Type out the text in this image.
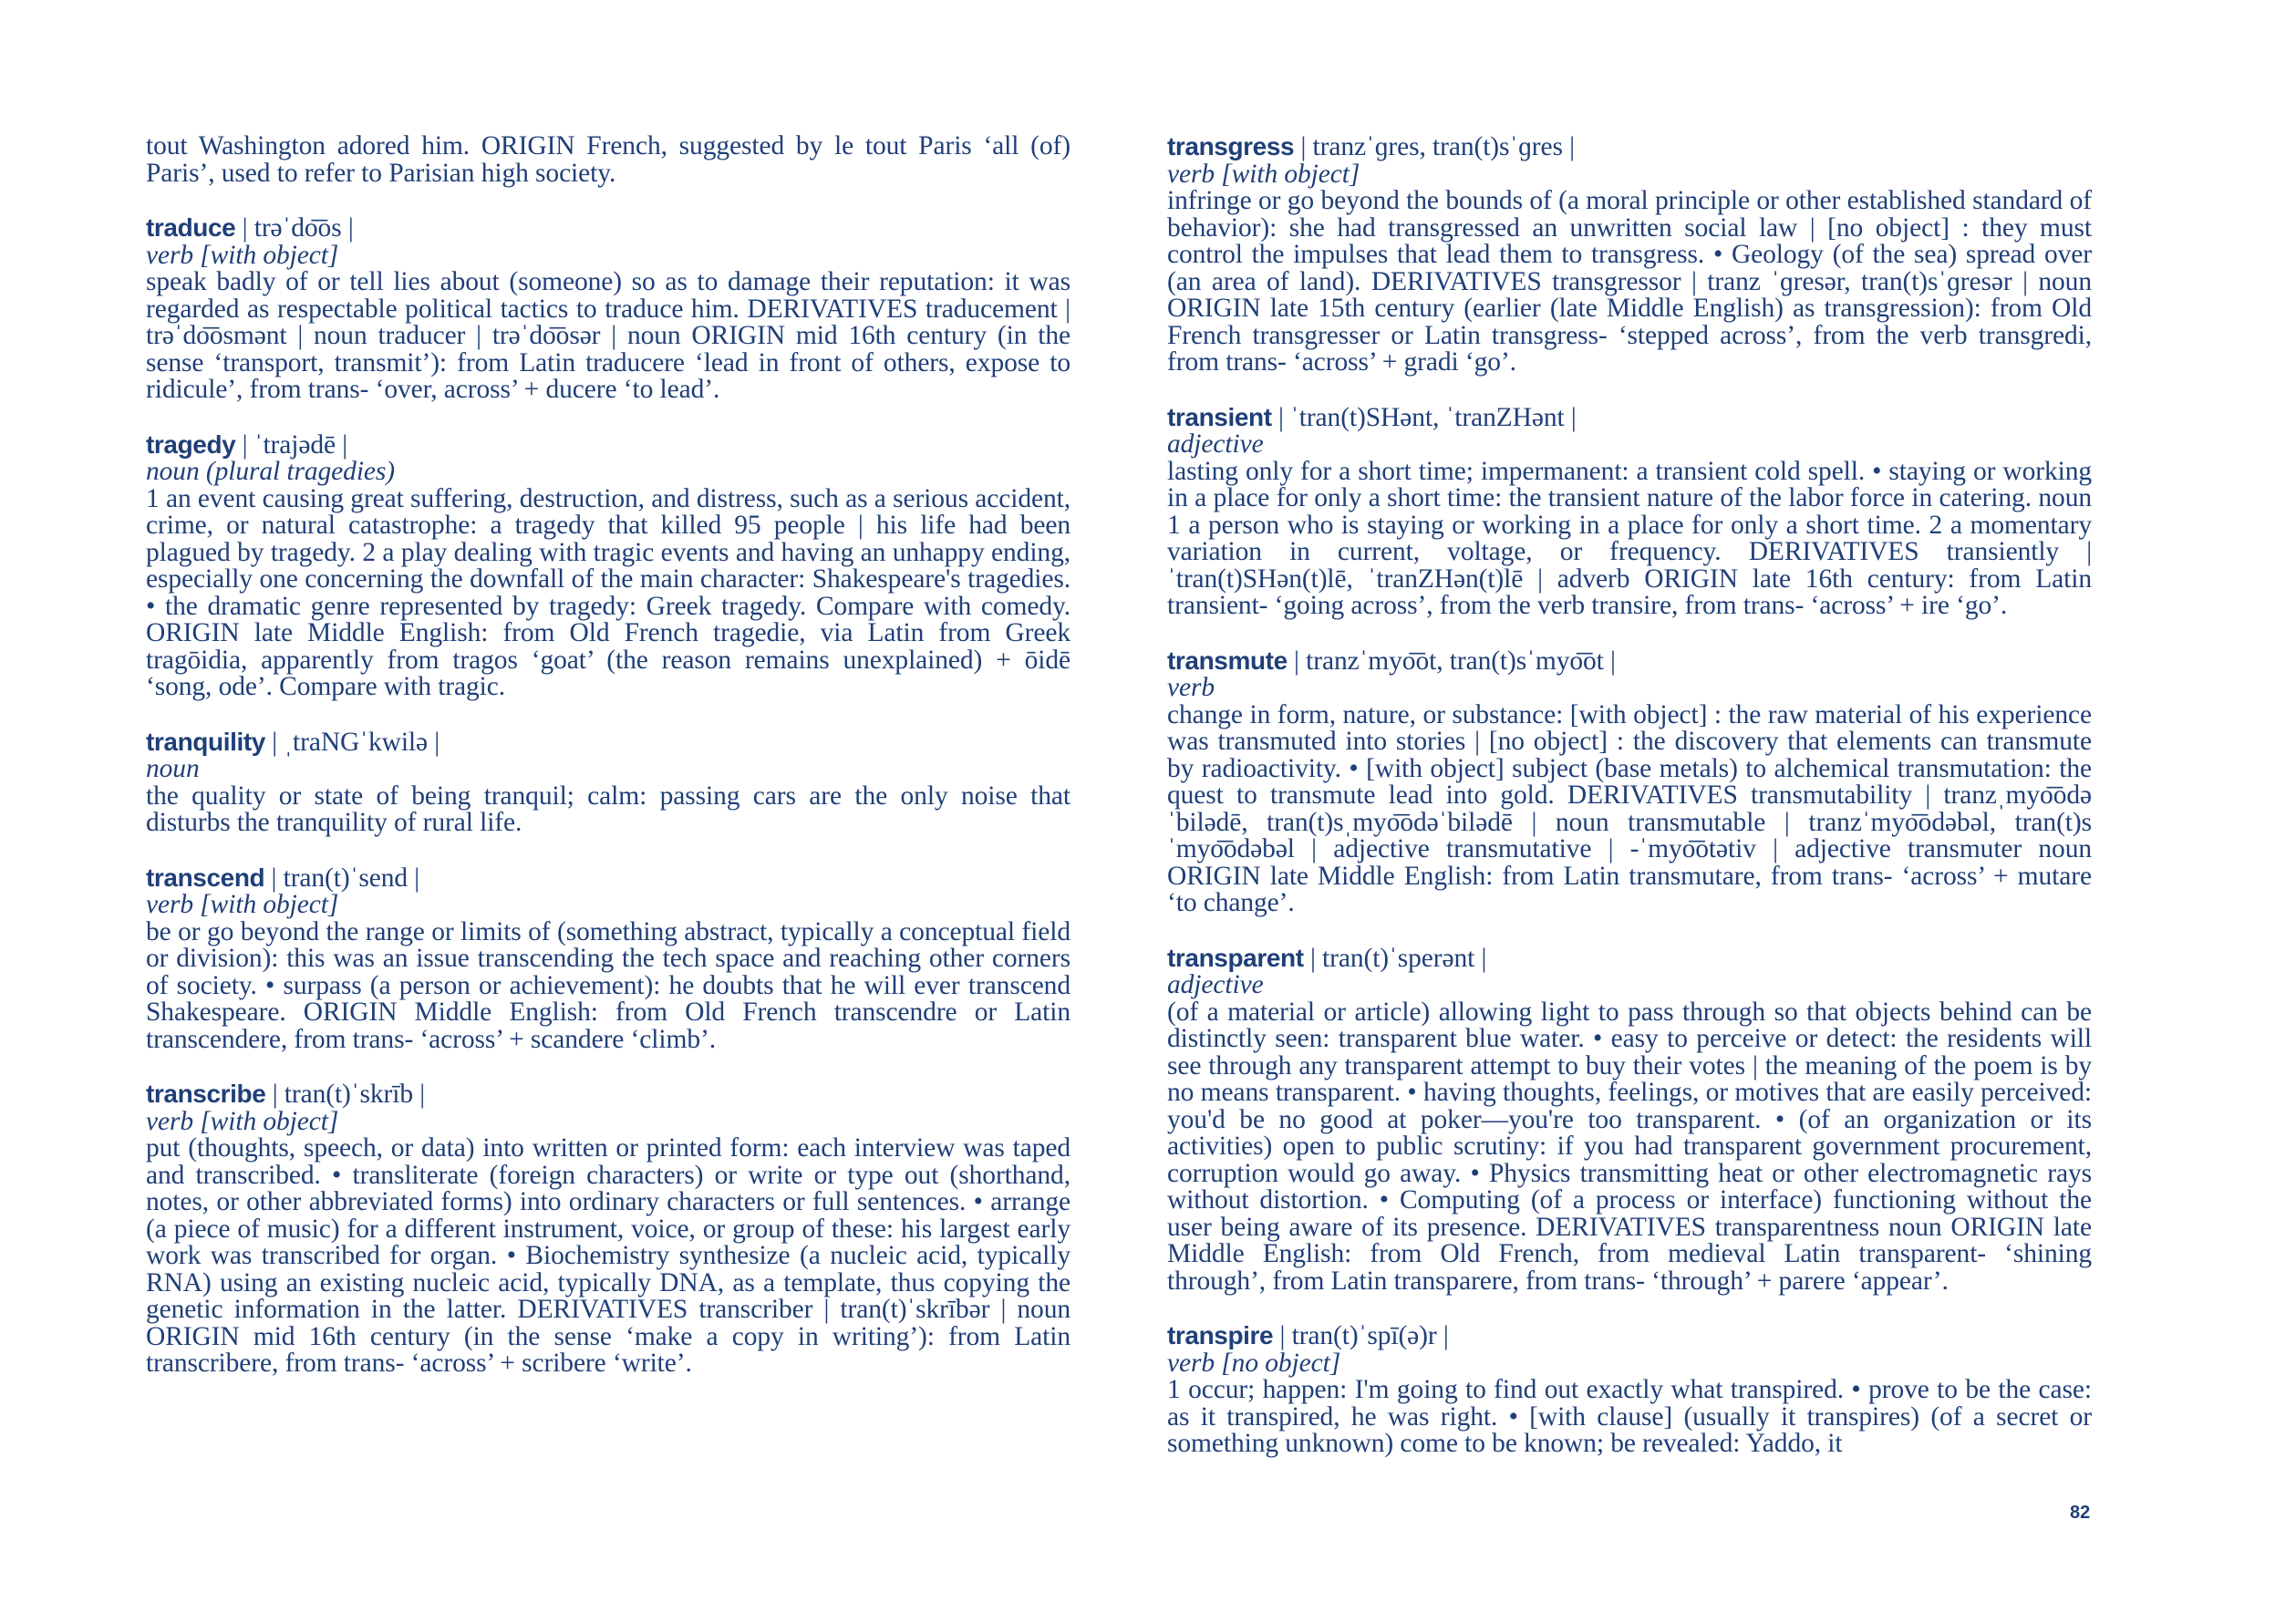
tout Washington adored him. ORIGIN French, suggested by le tout Paris ‘all (of) Paris’, used to refer to Parisian high society.

traduce | trəˈdo͞os |

verb [with object]

speak badly of or tell lies about (someone) so as to damage their reputation: it was regarded as respectable political tactics to traduce him. DERIVATIVES traducement | trəˈdo͞osmənt | noun traducer | trəˈdo͞osər | noun ORIGIN mid 16th century (in the sense ‘transport, transmit’): from Latin traducere ‘lead in front of others, expose to ridicule’, from trans- ‘over, across’ + ducere ‘to lead’.

tragedy | ˈtrajədē |

noun (plural tragedies)

1 an event causing great suffering, destruction, and distress, such as a serious accident, crime, or natural catastrophe: a tragedy that killed 95 people | his life had been plagued by tragedy. 2 a play dealing with tragic events and having an unhappy ending, especially one concerning the downfall of the main character: Shakespeare's tragedies. • the dramatic genre represented by tragedy: Greek tragedy. Compare with comedy. ORIGIN late Middle English: from Old French tragedie, via Latin from Greek tragōidia, apparently from tragos ‘goat’ (the reason remains unexplained) + ōidē ‘song, ode’. Compare with tragic.

tranquility | ˌtraNGˈkwilə |

noun

the quality or state of being tranquil; calm: passing cars are the only noise that disturbs the tranquility of rural life.

transcend | tran(t)ˈsend |

verb [with object]

be or go beyond the range or limits of (something abstract, typically a conceptual field or division): this was an issue transcending the tech space and reaching other corners of society. • surpass (a person or achievement): he doubts that he will ever transcend Shakespeare. ORIGIN Middle English: from Old French transcendre or Latin transcendere, from trans- ‘across’ + scandere ‘climb’.

transcribe | tran(t)ˈskrīb |

verb [with object]

put (thoughts, speech, or data) into written or printed form: each interview was taped and transcribed. • transliterate (foreign characters) or write or type out (shorthand, notes, or other abbreviated forms) into ordinary characters or full sentences. • arrange (a piece of music) for a different instrument, voice, or group of these: his largest early work was transcribed for organ. • Biochemistry synthesize (a nucleic acid, typically RNA) using an existing nucleic acid, typically DNA, as a template, thus copying the genetic information in the latter. DERIVATIVES transcriber | tran(t)ˈskrībər | noun ORIGIN mid 16th century (in the sense ‘make a copy in writing’): from Latin transcribere, from trans- ‘across’ + scribere ‘write’.

transgress | tranzˈɡres, tran(t)sˈɡres |

verb [with object]

infringe or go beyond the bounds of (a moral principle or other established standard of behavior): she had transgressed an unwritten social law | [no object] : they must control the impulses that lead them to transgress. • Geology (of the sea) spread over (an area of land). DERIVATIVES transgressor | tranz ˈɡresər, tran(t)sˈɡresər | noun ORIGIN late 15th century (earlier (late Middle English) as transgression): from Old French transgresser or Latin transgress- ‘stepped across’, from the verb transgredi, from trans- ‘across’ + gradi ‘go’.

transient | ˈtran(t)SHənt, ˈtranZHənt |

adjective

lasting only for a short time; impermanent: a transient cold spell. • staying or working in a place for only a short time: the transient nature of the labor force in catering. noun 1 a person who is staying or working in a place for only a short time. 2 a momentary variation in current, voltage, or frequency. DERIVATIVES transiently | ˈtran(t)SHən(t)lē, ˈtranZHən(t)lē | adverb ORIGIN late 16th century: from Latin transient- ‘going across’, from the verb transire, from trans- ‘across’ + ire ‘go’.

transmute | tranzˈmyo͞ot, tran(t)sˈmyo͞ot |

verb

change in form, nature, or substance: [with object] : the raw material of his experience was transmuted into stories | [no object] : the discovery that elements can transmute by radioactivity. • [with object] subject (base metals) to alchemical transmutation: the quest to transmute lead into gold. DERIVATIVES transmutability | tranzˌmyo͞odəˈbilədē, tran(t)sˌmyo͞odəˈbilədē | noun transmutable | tranzˈmyo͞odəbəl, tran(t)sˈmyo͞odəbəl | adjective transmutative | -ˈmyo͞otətiv | adjective transmuter noun ORIGIN late Middle English: from Latin transmutare, from trans- ‘across’ + mutare ‘to change’.

transparent | tran(t)ˈsperənt |

adjective

(of a material or article) allowing light to pass through so that objects behind can be distinctly seen: transparent blue water. • easy to perceive or detect: the residents will see through any transparent attempt to buy their votes | the meaning of the poem is by no means transparent. • having thoughts, feelings, or motives that are easily perceived: you'd be no good at poker—you're too transparent. • (of an organization or its activities) open to public scrutiny: if you had transparent government procurement, corruption would go away. • Physics transmitting heat or other electromagnetic rays without distortion. • Computing (of a process or interface) functioning without the user being aware of its presence. DERIVATIVES transparentness noun ORIGIN late Middle English: from Old French, from medieval Latin transparent- ‘shining through’, from Latin transparere, from trans- ‘through’ + parere ‘appear’.

transpire | tran(t)ˈspī(ə)r |

verb [no object]

1 occur; happen: I'm going to find out exactly what transpired. • prove to be the case: as it transpired, he was right. • [with clause] (usually it transpires) (of a secret or something unknown) come to be known; be revealed: Yaddo, it

82
